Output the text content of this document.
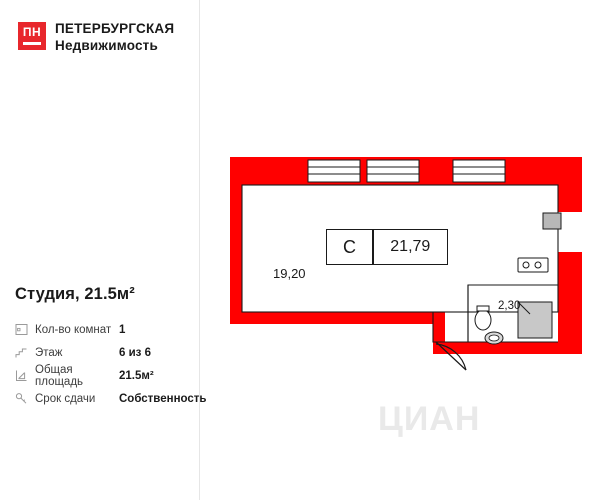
ПН	ПЕТЕРБУРГСКАЯ
Недвижимость
Студия, 21.5м²
Кол-во комнат 1
Этаж	6 из 6
Общая площадь	21.5м²
Срок сдачи	Собственность
ЦИАН
19,20
2,30
С	21,79
